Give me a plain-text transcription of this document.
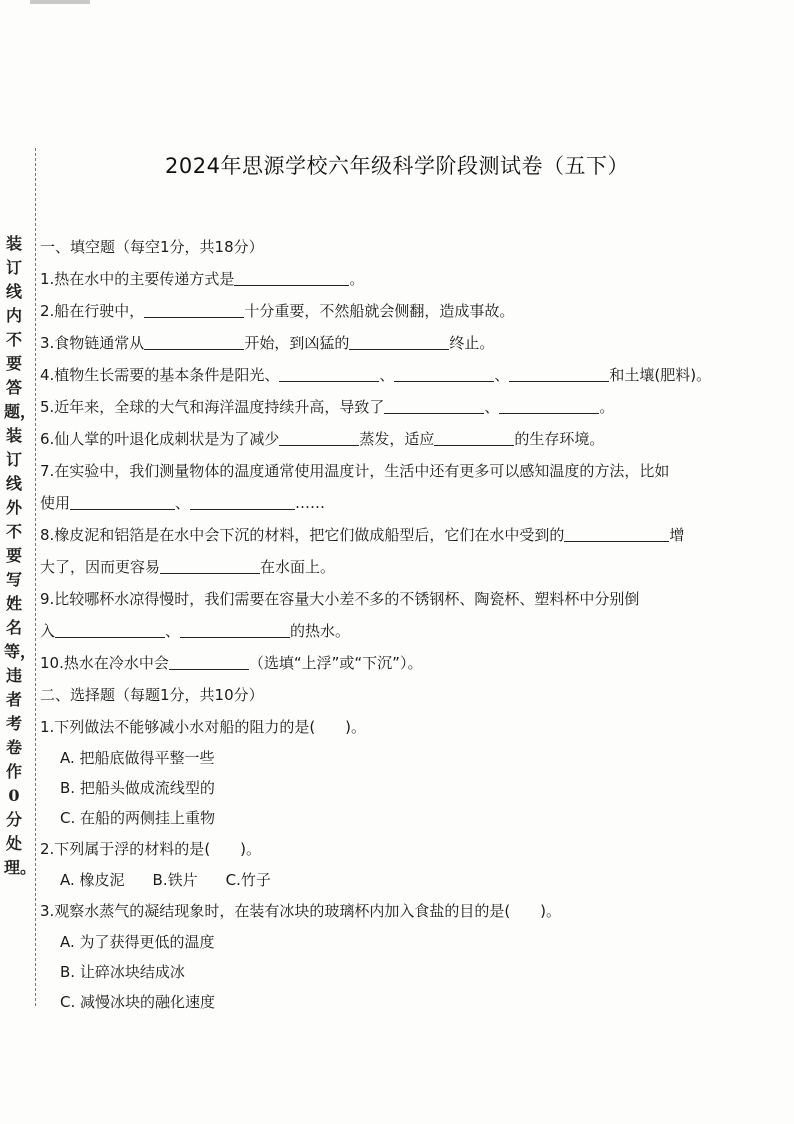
装订线内不要答题，装订线外不要写姓名等，违者考卷作0分处理。
2024年思源学校六年级科学阶段测试卷（五下）
一、填空题（每空1分，共18分）
1.热在水中的主要传递方式是	。
2.船在行驶中，	十分重要，不然船就会侧翻，造成事故。
3.食物链通常从	开始，到凶猛的	终止。
4.植物生长需要的基本条件是阳光、	、	、	和土壤(肥料)。
5.近年来，全球的大气和海洋温度持续升高，导致了	、	。
6.仙人掌的叶退化成刺状是为了减少	蒸发，适应	的生存环境。
7.在实验中，我们测量物体的温度通常使用温度计，生活中还有更多可以感知温度的方法，比如
使用	、	……
8.橡皮泥和铝箔是在水中会下沉的材料，把它们做成船型后，它们在水中受到的	增
大了，因而更容易	在水面上。
9.比较哪杯水凉得慢时，我们需要在容量大小差不多的不锈钢杯、陶瓷杯、塑料杯中分别倒
入	、	的热水。
10.热水在冷水中会	（选填“上浮”或“下沉”）。
二、选择题（每题1分，共10分）
1.下列做法不能够减小水对船的阻力的是(　　)。
A. 把船底做得平整一些
B. 把船头做成流线型的
C. 在船的两侧挂上重物
2.下列属于浮的材料的是(　　)。
A. 橡皮泥 B.铁片 C.竹子
3.观察水蒸气的凝结现象时，在装有冰块的玻璃杯内加入食盐的目的是(　　)。
A. 为了获得更低的温度
B. 让碎冰块结成冰
C. 减慢冰块的融化速度
